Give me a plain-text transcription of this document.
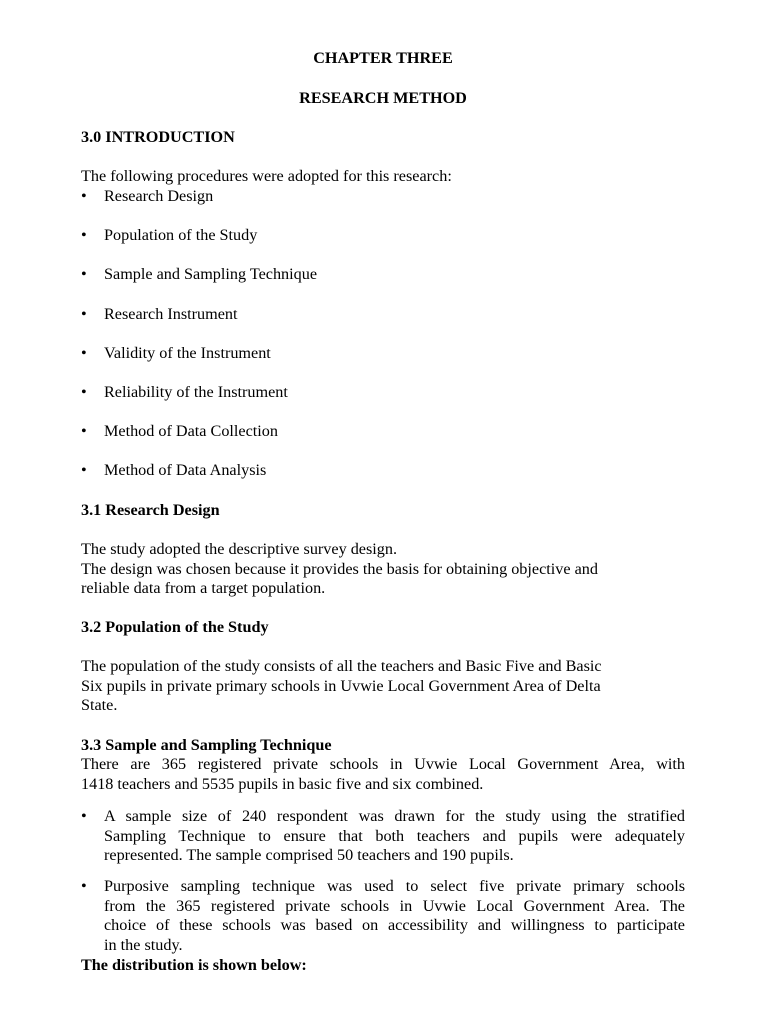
CHAPTER THREE
RESEARCH METHOD
3.0 INTRODUCTION
The following procedures were adopted for this research:
• Research Design
• Population of the Study
• Sample and Sampling Technique
• Research Instrument
• Validity of the Instrument
• Reliability of the Instrument
• Method of Data Collection
• Method of Data Analysis
3.1 Research Design
The study adopted the descriptive survey design.
The design was chosen because it provides the basis for obtaining objective and
reliable data from a target population.
3.2 Population of the Study
The population of the study consists of all the teachers and Basic Five and Basic
Six pupils in private primary schools in Uvwie Local Government Area of Delta
State.
3.3 Sample and Sampling Technique
There are 365 registered private schools in Uvwie Local Government Area, with
1418 teachers and 5535 pupils in basic five and six combined.
• A sample size of 240 respondent was drawn for the study using the stratified
Sampling Technique to ensure that both teachers and pupils were adequately
represented. The sample comprised 50 teachers and 190 pupils.
• Purposive sampling technique was used to select five private primary schools
from the 365 registered private schools in Uvwie Local Government Area. The
choice of these schools was based on accessibility and willingness to participate
in the study.
The distribution is shown below:
